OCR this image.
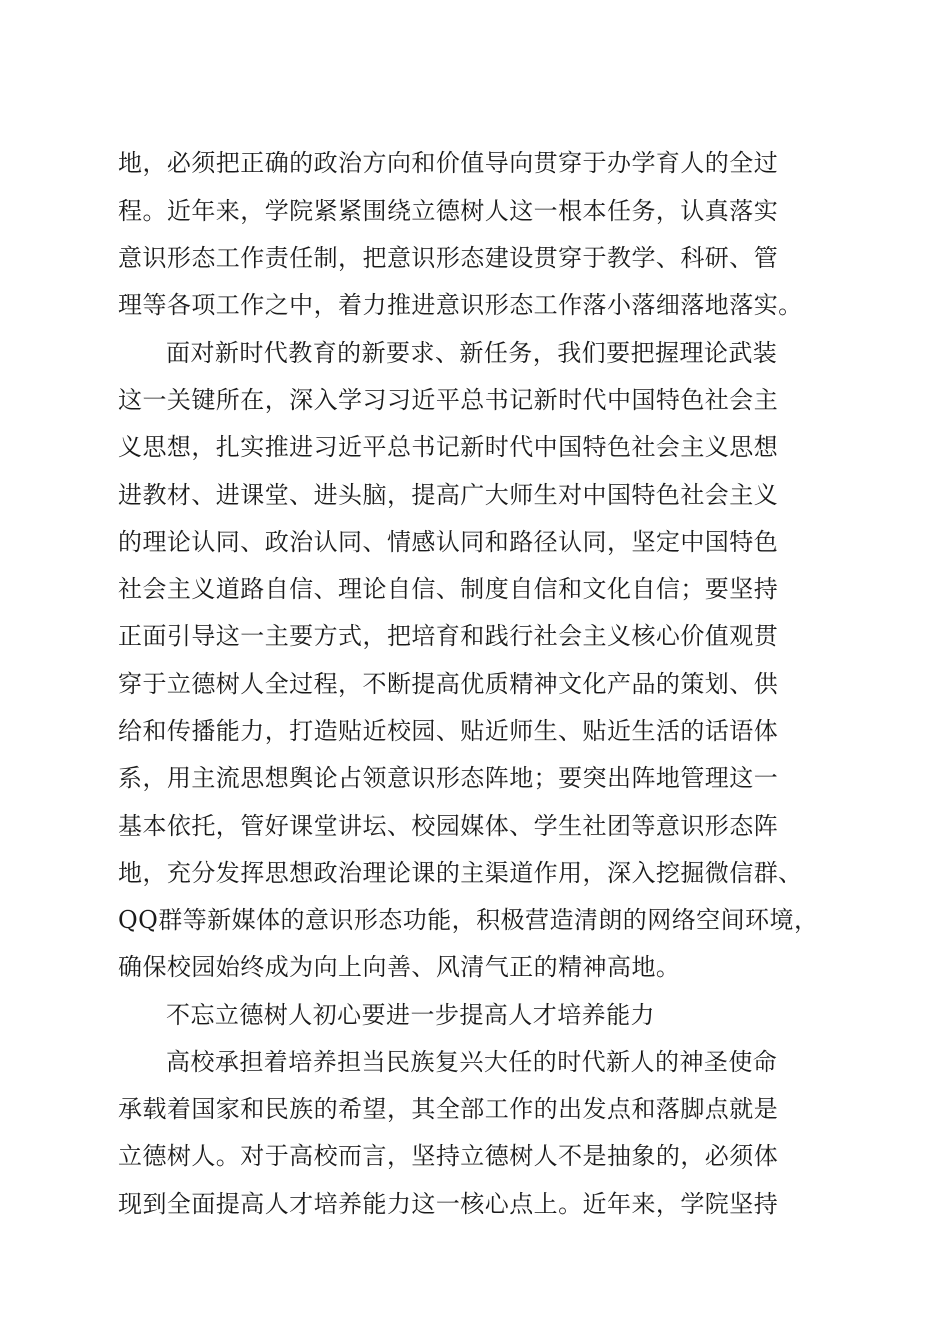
地，必须把正确的政治方向和价值导向贯穿于办学育人的全过
程。近年来，学院紧紧围绕立德树人这一根本任务，认真落实
意识形态工作责任制，把意识形态建设贯穿于教学、科研、管
理等各项工作之中，着力推进意识形态工作落小落细落地落实。
面对新时代教育的新要求、新任务，我们要把握理论武装
这一关键所在，深入学习习近平总书记新时代中国特色社会主
义思想，扎实推进习近平总书记新时代中国特色社会主义思想
进教材、进课堂、进头脑，提高广大师生对中国特色社会主义
的理论认同、政治认同、情感认同和路径认同，坚定中国特色
社会主义道路自信、理论自信、制度自信和文化自信；要坚持
正面引导这一主要方式，把培育和践行社会主义核心价值观贯
穿于立德树人全过程，不断提高优质精神文化产品的策划、供
给和传播能力，打造贴近校园、贴近师生、贴近生活的话语体
系，用主流思想舆论占领意识形态阵地；要突出阵地管理这一
基本依托，管好课堂讲坛、校园媒体、学生社团等意识形态阵
地，充分发挥思想政治理论课的主渠道作用，深入挖掘微信群、
QQ群等新媒体的意识形态功能，积极营造清朗的网络空间环境，
确保校园始终成为向上向善、风清气正的精神高地。
不忘立德树人初心要进一步提高人才培养能力
高校承担着培养担当民族复兴大任的时代新人的神圣使命
承载着国家和民族的希望，其全部工作的出发点和落脚点就是
立德树人。对于高校而言，坚持立德树人不是抽象的，必须体
现到全面提高人才培养能力这一核心点上。近年来，学院坚持
